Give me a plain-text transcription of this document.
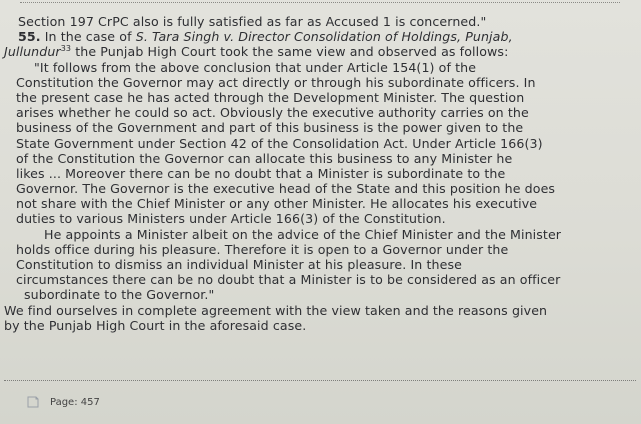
Section 197 CrPC also is fully satisfied as far as Accused 1 is concerned."
55. In the case of S. Tara Singh v. Director Consolidation of Holdings, Punjab,
Jullundur$^{33}$ the Punjab High Court took the same view and observed as follows:
"It follows from the above conclusion that under Article 154(1) of the
Constitution the Governor may act directly or through his subordinate officers. In
the present case he has acted through the Development Minister. The question
arises whether he could so act. Obviously the executive authority carries on the
business of the Government and part of this business is the power given to the
State Government under Section 42 of the Consolidation Act. Under Article 166(3)
of the Constitution the Governor can allocate this business to any Minister he
likes ... Moreover there can be no doubt that a Minister is subordinate to the
Governor. The Governor is the executive head of the State and this position he does
not share with the Chief Minister or any other Minister. He allocates his executive
duties to various Ministers under Article 166(3) of the Constitution.
He appoints a Minister albeit on the advice of the Chief Minister and the Minister
holds office during his pleasure. Therefore it is open to a Governor under the
Constitution to dismiss an individual Minister at his pleasure. In these
circumstances there can be no doubt that a Minister is to be considered as an officer
subordinate to the Governor."
We find ourselves in complete agreement with the view taken and the reasons given
by the Punjab High Court in the aforesaid case.
Page: 457
